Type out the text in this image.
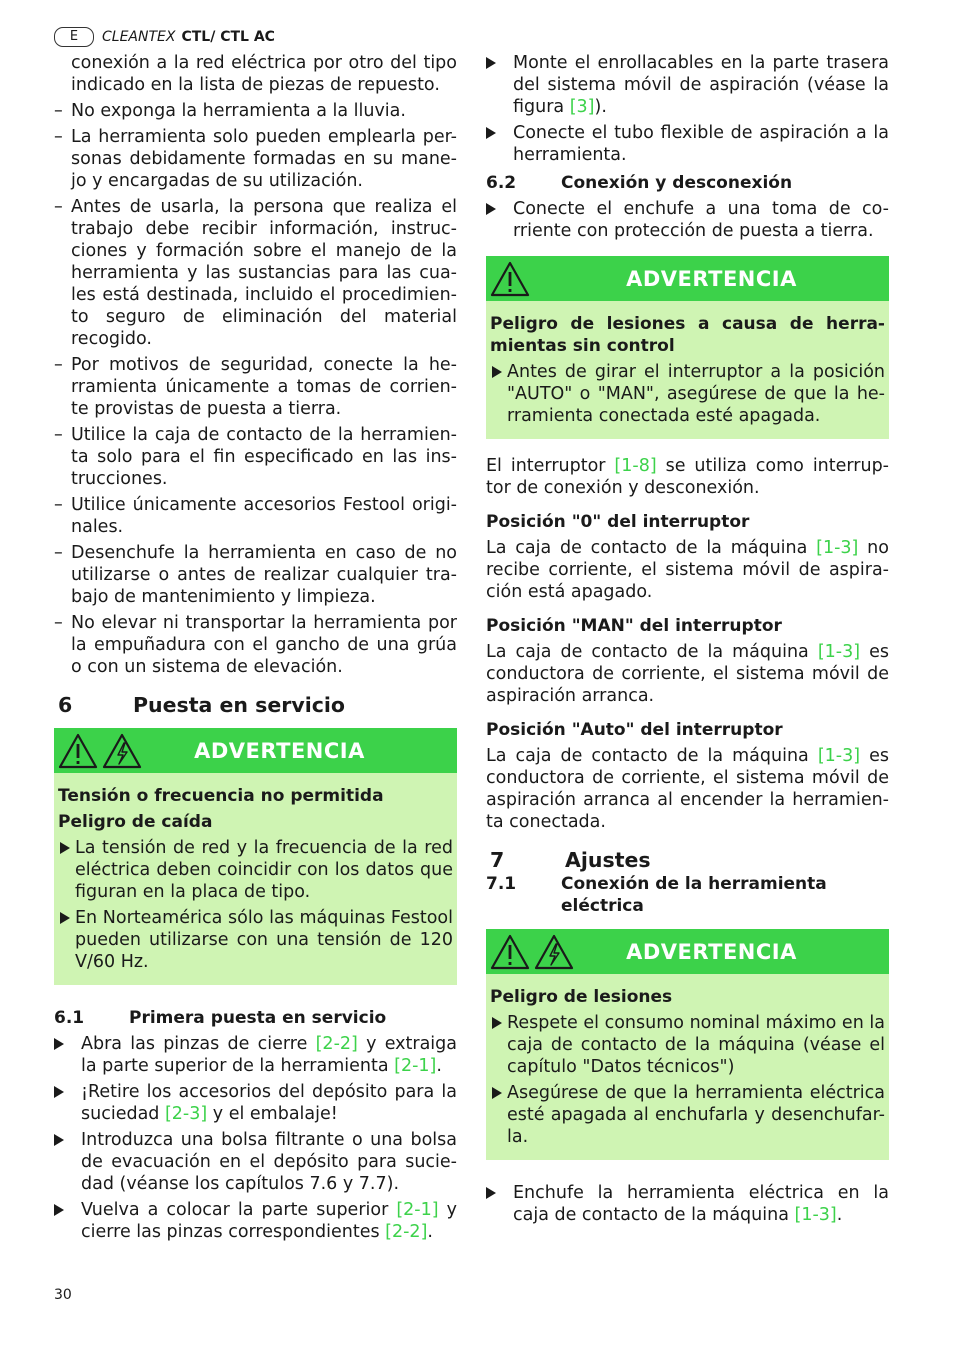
E	CLEANTEX CTL/ CTL AC

conexión a la red eléctrica por otro del tipo indicado en la lista de piezas de repuesto.

– No exponga la herramienta a la lluvia.
– La herramienta solo pueden emplearla per-sonas debidamente formadas en su mane-jo y encargadas de su utilización.
– Antes de usarla, la persona que realiza el trabajo debe recibir información, instruc-ciones y formación sobre el manejo de la herramienta y las sustancias para las cua-les está destinada, incluido el procedimien-to seguro de eliminación del material recogido.
– Por motivos de seguridad, conecte la he-rramienta únicamente a tomas de corrien-te provistas de puesta a tierra.
– Utilice la caja de contacto de la herramien-ta solo para el fin especificado en las ins-trucciones.
– Utilice únicamente accesorios Festool origi-nales.
– Desenchufe la herramienta en caso de no utilizarse o antes de realizar cualquier tra-bajo de mantenimiento y limpieza.
– No elevar ni transportar la herramienta por la empuñadura con el gancho de una grúa o con un sistema de elevación.
6	Puesta en servicio
ADVERTENCIA

Tensión o frecuencia no permitida

Peligro de caída

La tensión de red y la frecuencia de la red eléctrica deben coincidir con los datos que figuran en la placa de tipo.
En Norteamérica sólo las máquinas Festool pueden utilizarse con una tensión de 120 V/60 Hz.
6.1	Primera puesta en servicio
Abra las pinzas de cierre [2-2] y extraiga la parte superior de la herramienta [2-1].
¡Retire los accesorios del depósito para la suciedad [2-3] y el embalaje!
Introduzca una bolsa filtrante o una bolsa de evacuación en el depósito para sucie-dad (véanse los capítulos 7.6 y 7.7).
Vuelva a colocar la parte superior [2-1] y cierre las pinzas correspondientes [2-2].
Monte el enrollacables en la parte trasera del sistema móvil de aspiración (véase la figura [3]).
Conecte el tubo flexible de aspiración a la herramienta.
6.2	Conexión y desconexión
Conecte el enchufe a una toma de co-rriente con protección de puesta a tierra.
ADVERTENCIA

Peligro de lesiones a causa de herra-mientas sin control

Antes de girar el interruptor a la posición "AUTO" o "MAN", asegúrese de que la he-rramienta conectada esté apagada.

El interruptor [1-8] se utiliza como interrup-tor de conexión y desconexión.

Posición "0" del interruptor

La caja de contacto de la máquina [1-3] no recibe corriente, el sistema móvil de aspira-ción está apagado.

Posición "MAN" del interruptor

La caja de contacto de la máquina [1-3] es conductora de corriente, el sistema móvil de aspiración arranca.

Posición "Auto" del interruptor

La caja de contacto de la máquina [1-3] es conductora de corriente, el sistema móvil de aspiración arranca al encender la herramien-ta conectada.

7	Ajustes
7.1	Conexión de la herramienta eléctrica
ADVERTENCIA

Peligro de lesiones

Respete el consumo nominal máximo en la caja de contacto de la máquina (véase el capítulo "Datos técnicos")
Asegúrese de que la herramienta eléctrica esté apagada al enchufarla y desenchufar-la.
Enchufe la herramienta eléctrica en la caja de contacto de la máquina [1-3].
30
